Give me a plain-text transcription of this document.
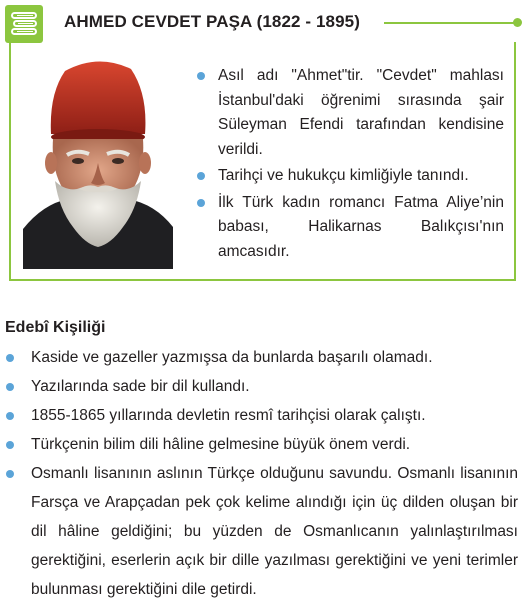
AHMED CEVDET PAŞA (1822 - 1895)
Asıl adı "Ahmet"tir. "Cevdet" mahlası İstanbul'daki öğrenimi sırasında şair Süleyman Efendi tarafından kendisine verildi.
Tarihçi ve hukukçu kimliğiyle tanındı.
İlk Türk kadın romancı Fatma Aliye’nin babası, Halikarnas Balıkçısı'nın amcasıdır.
Edebî Kişiliği
Kaside ve gazeller yazmışsa da bunlarda başarılı olamadı.
Yazılarında sade bir dil kullandı.
1855-1865 yıllarında devletin resmî tarihçisi olarak çalıştı.
Türkçenin bilim dili hâline gelmesine büyük önem verdi.
Osmanlı lisanının aslının Türkçe olduğunu savundu. Osmanlı lisanının Farsça ve Arapçadan pek çok kelime alındığı için üç dilden oluşan bir dil hâline geldiğini; bu yüzden de Osmanlıcanın yalınlaştırılması gerektiğini, eserlerin açık bir dille yazılması gerektiğini ve yeni terimler bulunması gerektiğini dile getirdi.
